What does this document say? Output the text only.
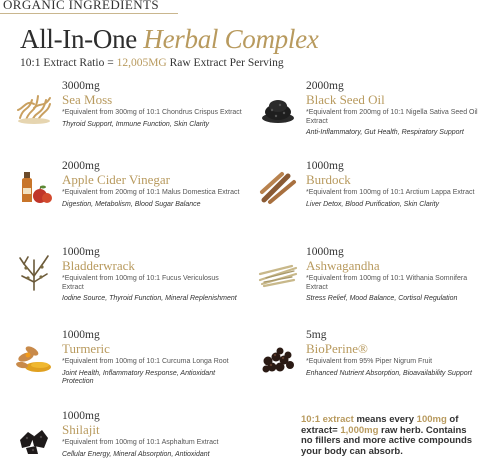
ORGANIC INGREDIENTS
All-In-One Herbal Complex
10:1 Extract Ratio = 12,005MG Raw Extract Per Serving
3000mg
Sea Moss
*Equivalent from 300mg of 10:1 Chondrus Crispus Extract
Thyroid Support, Immune Function, Skin Clarity
2000mg
Black Seed Oil
*Equivalent from 200mg of 10:1 Nigella Sativa Seed Oil Extract
Anti-Inflammatory, Gut Health, Respiratory Support
2000mg
Apple Cider Vinegar
*Equivalent from 200mg of 10:1 Malus Domestica Extract
Digestion, Metabolism, Blood Sugar Balance
1000mg
Burdock
*Equivalent from 100mg of 10:1 Arctium Lappa Extract
Liver Detox, Blood Purification, Skin Clarity
1000mg
Bladderwrack
*Equivalent from 100mg of 10:1 Fucus Vericulosus Extract
Iodine Source, Thyroid Function, Mineral Replenishment
1000mg
Ashwagandha
*Equivalent from 100mg of 10:1 Withania Somnifera Extract
Stress Relief, Mood Balance, Cortisol Regulation
1000mg
Turmeric
*Equivalent from 100mg of 10:1 Curcuma Longa Root
Joint Health, Inflammatory Response, Antioxidant Protection
5mg
BioPerine®
*Equivalent from 95% Piper Nigrum Fruit
Enhanced Nutrient Absorption, Bioavailability Support
1000mg
Shilajit
*Equivalent from 100mg of 10:1 Asphaltum Extract
Cellular Energy, Mineral Absorption, Antioxidant
10:1 extract means every 100mg of extract= 1,000mg raw herb. Contains no fillers and more active compounds your body can absorb.
